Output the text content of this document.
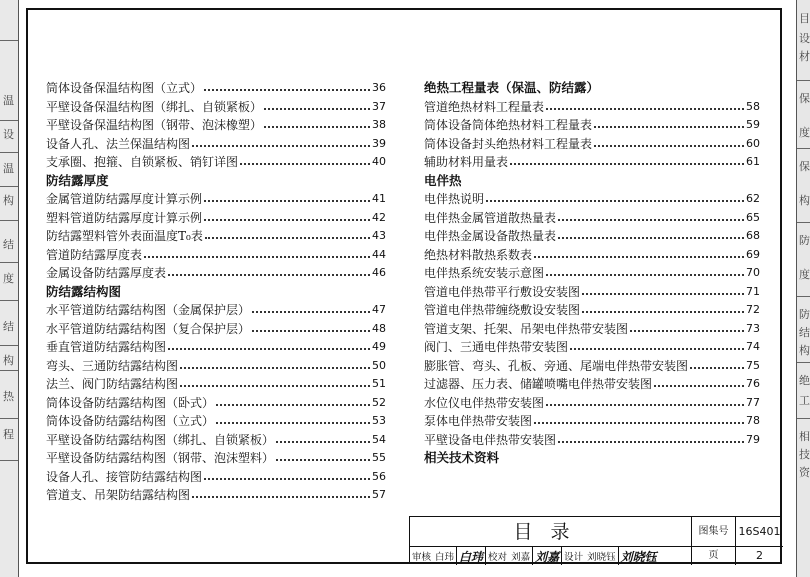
温
设
温
构
结
度
结
构
热
程
目
设
材
保
度
保
构
防
度
防
结
构
绝
工
相
技
资
筒体设备保温结构图（立式）	36
平壁设备保温结构图（绑扎、自锁紧板）	37
平壁设备保温结构图（钢带、泡沫橡塑）	38
设备人孔、法兰保温结构图	39
支承圈、抱箍、自锁紧板、销钉详图	40
防结露厚度
金属管道防结露厚度计算示例	41
塑料管道防结露厚度计算示例	42
防结露塑料管外表面温度T₀表	43
管道防结露厚度表	44
金属设备防结露厚度表	46
防结露结构图
水平管道防结露结构图（金属保护层）	47
水平管道防结露结构图（复合保护层）	48
垂直管道防结露结构图	49
弯头、三通防结露结构图	50
法兰、阀门防结露结构图	51
筒体设备防结露结构图（卧式）	52
筒体设备防结露结构图（立式）	53
平壁设备防结露结构图（绑扎、自锁紧板）	54
平壁设备防结露结构图（钢带、泡沫塑料）	55
设备人孔、接管防结露结构图	56
管道支、吊架防结露结构图	57
绝热工程量表（保温、防结露）
管道绝热材料工程量表	58
筒体设备筒体绝热材料工程量表	59
筒体设备封头绝热材料工程量表	60
辅助材料用量表	61
电伴热
电伴热说明	62
电伴热金属管道散热量表	65
电伴热金属设备散热量表	68
绝热材料散热系数表	69
电伴热系统安装示意图	70
管道电伴热带平行敷设安装图	71
管道电伴热带缠绕敷设安装图	72
管道支架、托架、吊架电伴热带安装图	73
阀门、三通电伴热带安装图	74
膨胀管、弯头、孔板、旁通、尾端电伴热带安装图	75
过滤器、压力表、储罐喷嘴电伴热带安装图	76
水位仪电伴热带安装图	77
泵体电伴热带安装图	78
平壁设备电伴热带安装图	79
相关技术资料
目录	图集号 16S401
审核 白玮 白玮 校对 刘嘉 刘嘉 设计 刘晓钰 刘晓钰	页	2
